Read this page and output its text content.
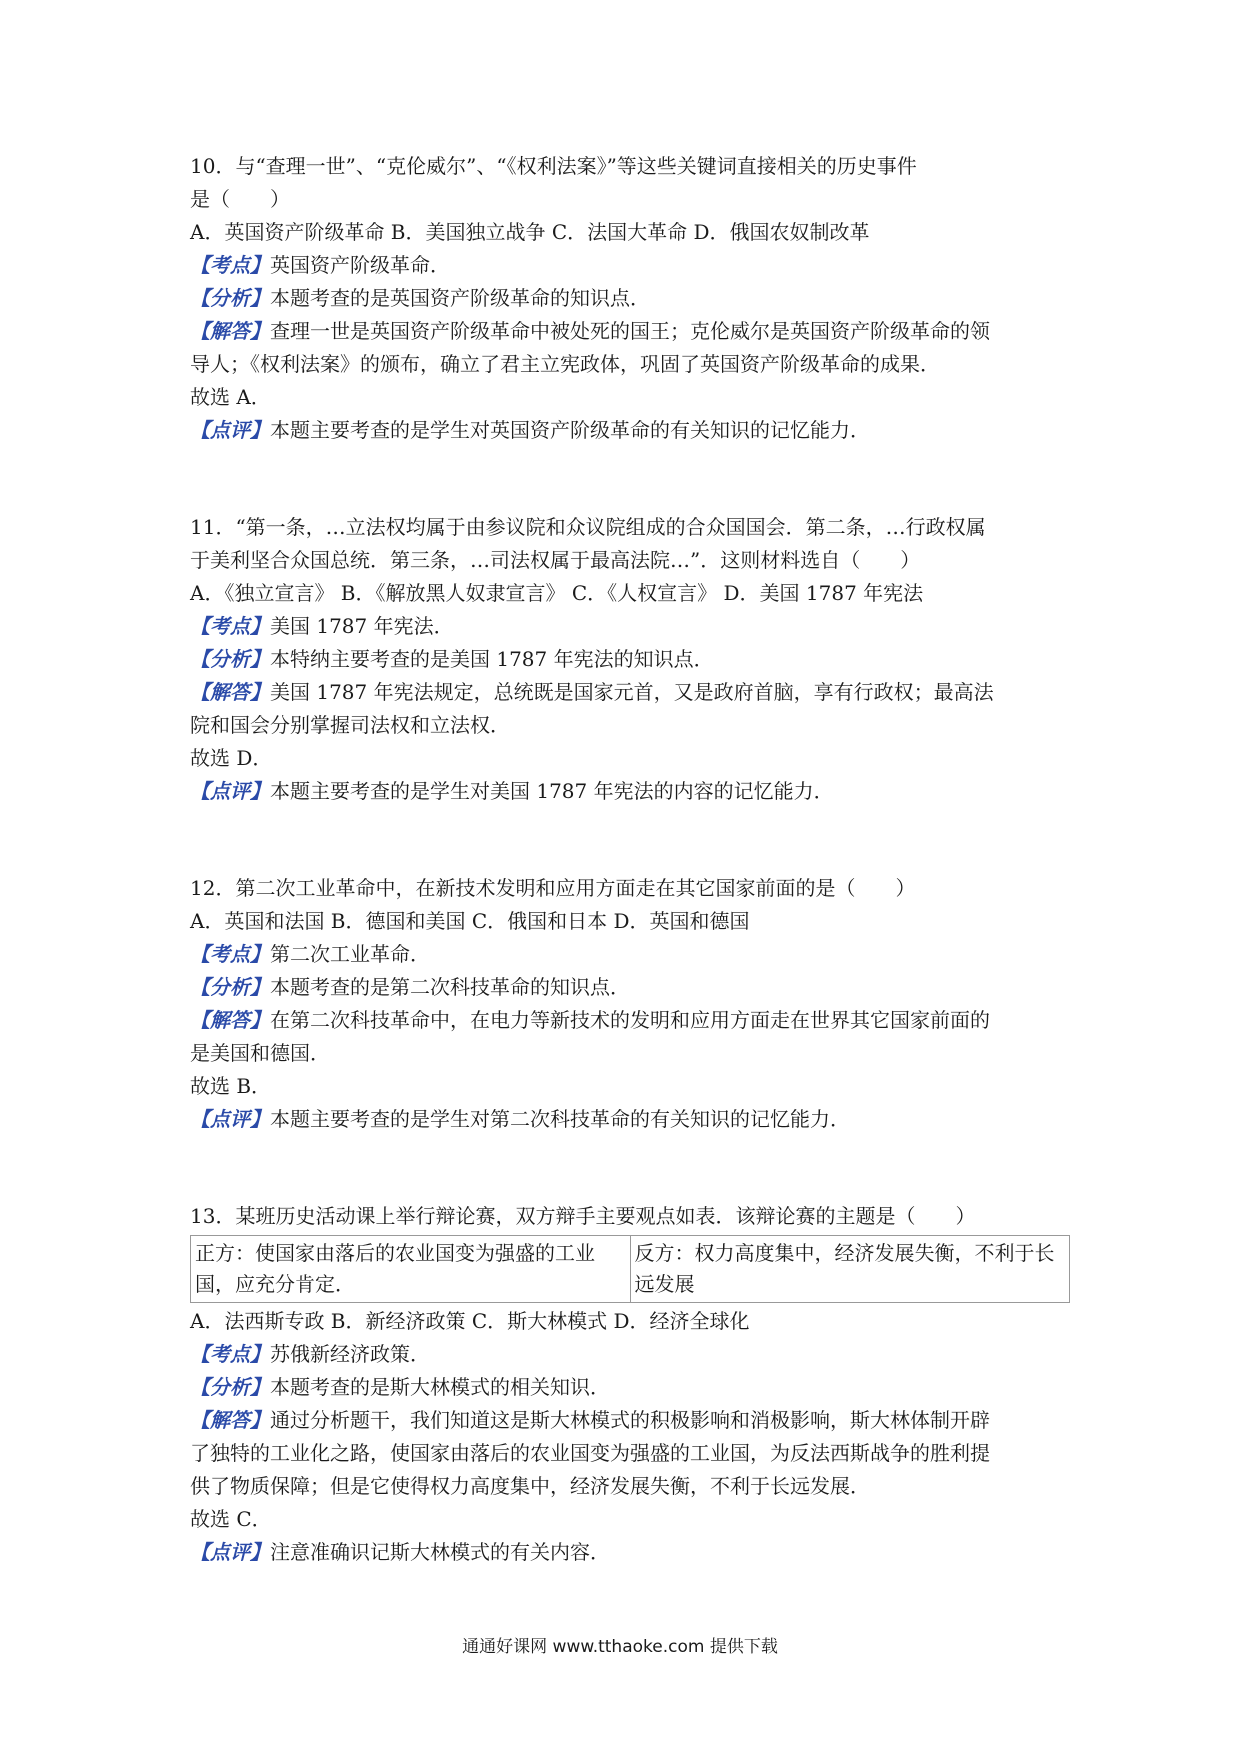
10．与“查理一世”、“克伦威尔”、“《权利法案》”等这些关键词直接相关的历史事件

是（　　）

A．英国资产阶级革命 B．美国独立战争 C．法国大革命 D．俄国农奴制改革

【考点】英国资产阶级革命．

【分析】本题考查的是英国资产阶级革命的知识点．

【解答】查理一世是英国资产阶级革命中被处死的国王；克伦威尔是英国资产阶级革命的领

导人；《权利法案》的颁布，确立了君主立宪政体，巩固了英国资产阶级革命的成果．

故选 A．

【点评】本题主要考查的是学生对英国资产阶级革命的有关知识的记忆能力．

11．“第一条，…立法权均属于由参议院和众议院组成的合众国国会．第二条，…行政权属

于美利坚合众国总统．第三条，…司法权属于最高法院…”．这则材料选自（　　）

A．《独立宣言》 B．《解放黑人奴隶宣言》 C．《人权宣言》 D．美国 1787 年宪法

【考点】美国 1787 年宪法．

【分析】本特纳主要考查的是美国 1787 年宪法的知识点．

【解答】美国 1787 年宪法规定，总统既是国家元首，又是政府首脑，享有行政权；最高法

院和国会分别掌握司法权和立法权．

故选 D．

【点评】本题主要考查的是学生对美国 1787 年宪法的内容的记忆能力．

12．第二次工业革命中，在新技术发明和应用方面走在其它国家前面的是（　　）

A．英国和法国 B．德国和美国 C．俄国和日本 D．英国和德国

【考点】第二次工业革命．

【分析】本题考查的是第二次科技革命的知识点．

【解答】在第二次科技革命中，在电力等新技术的发明和应用方面走在世界其它国家前面的

是美国和德国．

故选 B．

【点评】本题主要考查的是学生对第二次科技革命的有关知识的记忆能力．

13．某班历史活动课上举行辩论赛，双方辩手主要观点如表．该辩论赛的主题是（　　）

正方：使国家由落后的农业国变为强盛的工业国，应充分肯定．	反方：权力高度集中，经济发展失衡，不利于长远发展

A．法西斯专政 B．新经济政策 C．斯大林模式 D．经济全球化

【考点】苏俄新经济政策．

【分析】本题考查的是斯大林模式的相关知识．

【解答】通过分析题干，我们知道这是斯大林模式的积极影响和消极影响，斯大林体制开辟

了独特的工业化之路，使国家由落后的农业国变为强盛的工业国，为反法西斯战争的胜利提

供了物质保障；但是它使得权力高度集中，经济发展失衡，不利于长远发展．

故选 C．

【点评】注意准确识记斯大林模式的有关内容．

通通好课网 www.tthaoke.com 提供下载
